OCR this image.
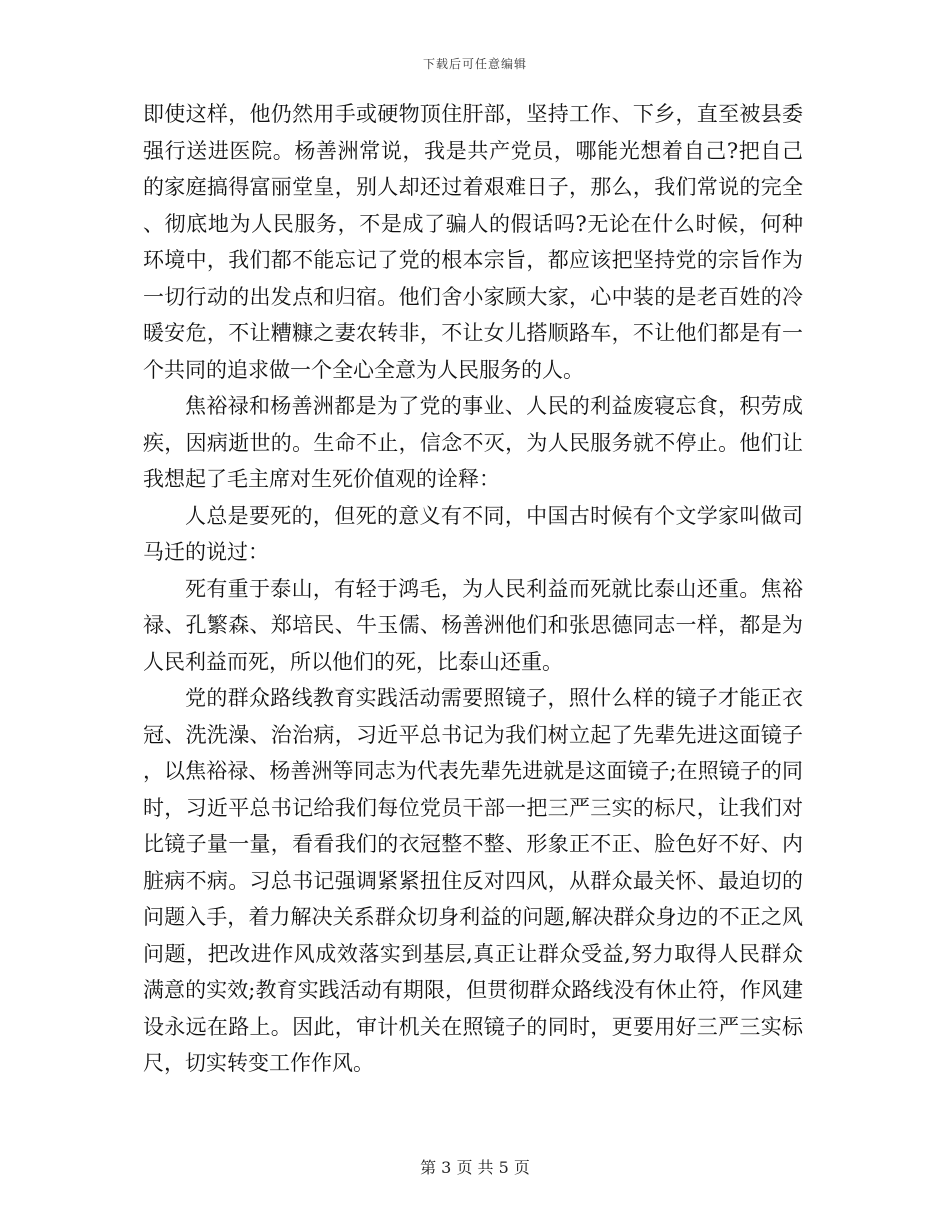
下载后可任意编辑

即使这样，他仍然用手或硬物顶住肝部，坚持工作、下乡，直至被县委强行送进医院。杨善洲常说，我是共产党员，哪能光想着自己?把自己的家庭搞得富丽堂皇，别人却还过着艰难日子，那么，我们常说的完全、彻底地为人民服务，不是成了骗人的假话吗?无论在什么时候，何种环境中，我们都不能忘记了党的根本宗旨，都应该把坚持党的宗旨作为一切行动的出发点和归宿。他们舍小家顾大家，心中装的是老百姓的冷暖安危，不让糟糠之妻农转非，不让女儿搭顺路车，不让他们都是有一个共同的追求做一个全心全意为人民服务的人。

焦裕禄和杨善洲都是为了党的事业、人民的利益废寝忘食，积劳成疾，因病逝世的。生命不止，信念不灭，为人民服务就不停止。他们让我想起了毛主席对生死价值观的诠释：

人总是要死的，但死的意义有不同，中国古时候有个文学家叫做司马迁的说过：

死有重于泰山，有轻于鸿毛，为人民利益而死就比泰山还重。焦裕禄、孔繁森、郑培民、牛玉儒、杨善洲他们和张思德同志一样，都是为人民利益而死，所以他们的死，比泰山还重。

党的群众路线教育实践活动需要照镜子，照什么样的镜子才能正衣冠、洗洗澡、治治病，习近平总书记为我们树立起了先辈先进这面镜子，以焦裕禄、杨善洲等同志为代表先辈先进就是这面镜子;在照镜子的同时，习近平总书记给我们每位党员干部一把三严三实的标尺，让我们对比镜子量一量，看看我们的衣冠整不整、形象正不正、脸色好不好、内脏病不病。习总书记强调紧紧扭住反对四风，从群众最关怀、最迫切的问题入手，着力解决关系群众切身利益的问题,解决群众身边的不正之风问题，把改进作风成效落实到基层,真正让群众受益,努力取得人民群众满意的实效;教育实践活动有期限，但贯彻群众路线没有休止符，作风建设永远在路上。因此，审计机关在照镜子的同时，更要用好三严三实标尺，切实转变工作作风。

第 3 页 共 5 页
